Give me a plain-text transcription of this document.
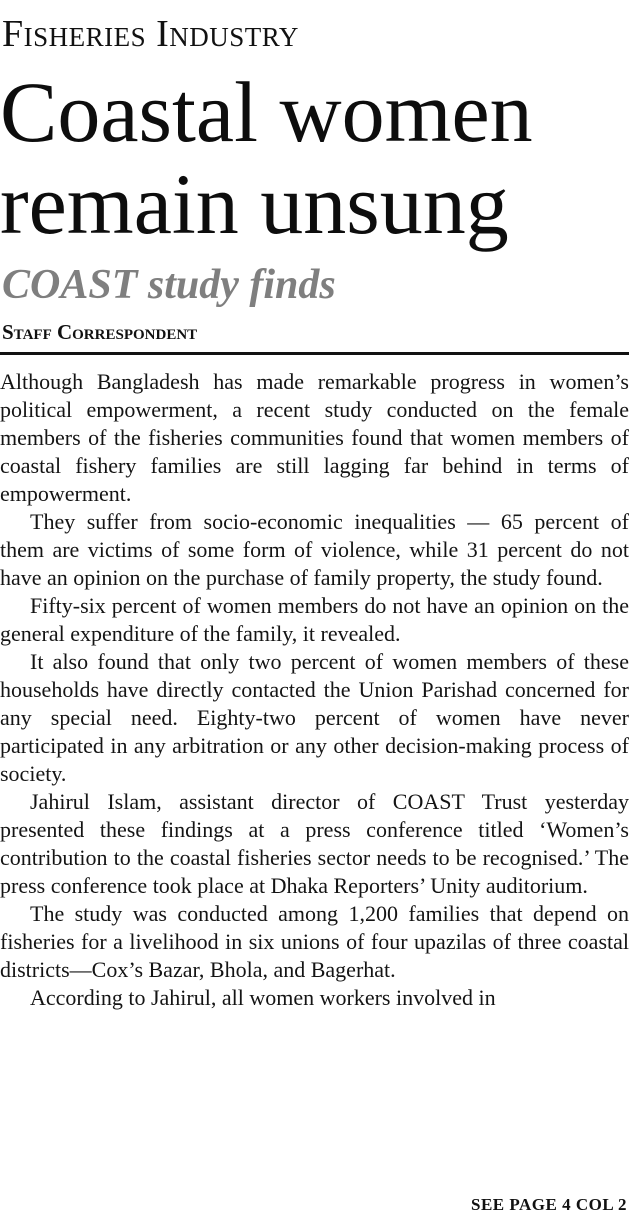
Fisheries Industry
Coastal women
remain unsung
COAST study finds
Staff Correspondent

Although Bangladesh has made remarkable progress in women’s political empowerment, a recent study conducted on the female members of the fisheries communities found that women members of coastal fishery families are still lagging far behind in terms of empowerment.

They suffer from socio-economic inequalities — 65 percent of them are victims of some form of violence, while 31 percent do not have an opinion on the purchase of family property, the study found.

Fifty-six percent of women members do not have an opinion on the general expenditure of the family, it revealed.

It also found that only two percent of women members of these households have directly contacted the Union Parishad concerned for any special need. Eighty-two percent of women have never participated in any arbitration or any other decision-making process of society.

Jahirul Islam, assistant director of COAST Trust yesterday presented these findings at a press conference titled ‘Women’s contribution to the coastal fisheries sector needs to be recognised.’ The press conference took place at Dhaka Reporters’ Unity auditorium.

The study was conducted among 1,200 families that depend on fisheries for a livelihood in six unions of four upazilas of three coastal districts—Cox’s Bazar, Bhola, and Bagerhat.

According to Jahirul, all women workers involved in

SEE PAGE 4 COL 2
